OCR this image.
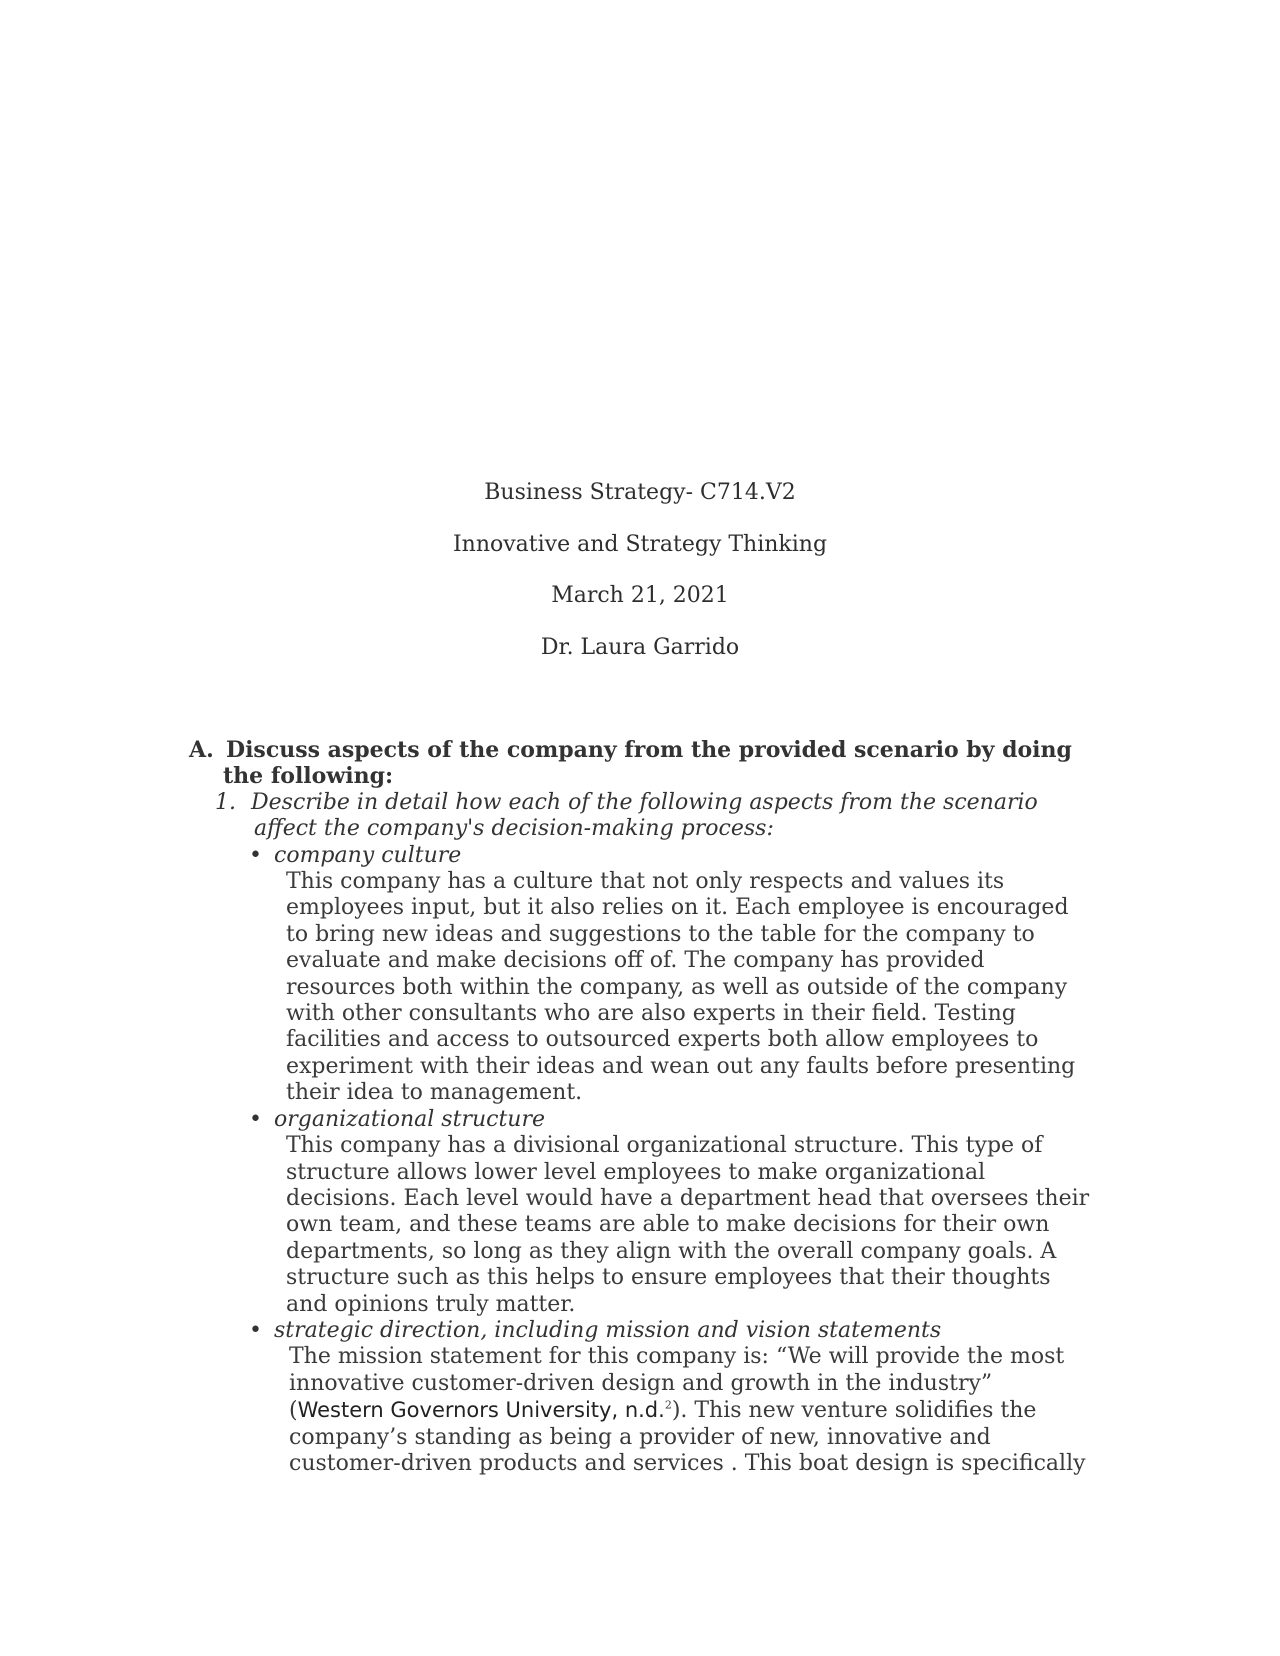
Business Strategy- C714.V2
Innovative and Strategy Thinking
March 21, 2021
Dr. Laura Garrido
A. Discuss aspects of the company from the provided scenario by doing
the following:
1. Describe in detail how each of the following aspects from the scenario
affect the company's decision-making process:
• company culture
This company has a culture that not only respects and values its
employees input, but it also relies on it. Each employee is encouraged
to bring new ideas and suggestions to the table for the company to
evaluate and make decisions off of. The company has provided
resources both within the company, as well as outside of the company
with other consultants who are also experts in their field. Testing
facilities and access to outsourced experts both allow employees to
experiment with their ideas and wean out any faults before presenting
their idea to management.
• organizational structure
This company has a divisional organizational structure. This type of
structure allows lower level employees to make organizational
decisions. Each level would have a department head that oversees their
own team, and these teams are able to make decisions for their own
departments, so long as they align with the overall company goals. A
structure such as this helps to ensure employees that their thoughts
and opinions truly matter.
• strategic direction, including mission and vision statements
The mission statement for this company is: “We will provide the most
innovative customer-driven design and growth in the industry”
(Western Governors University, n.d.$^2$). This new venture solidifies the
company’s standing as being a provider of new, innovative and
customer-driven products and services . This boat design is specifically
